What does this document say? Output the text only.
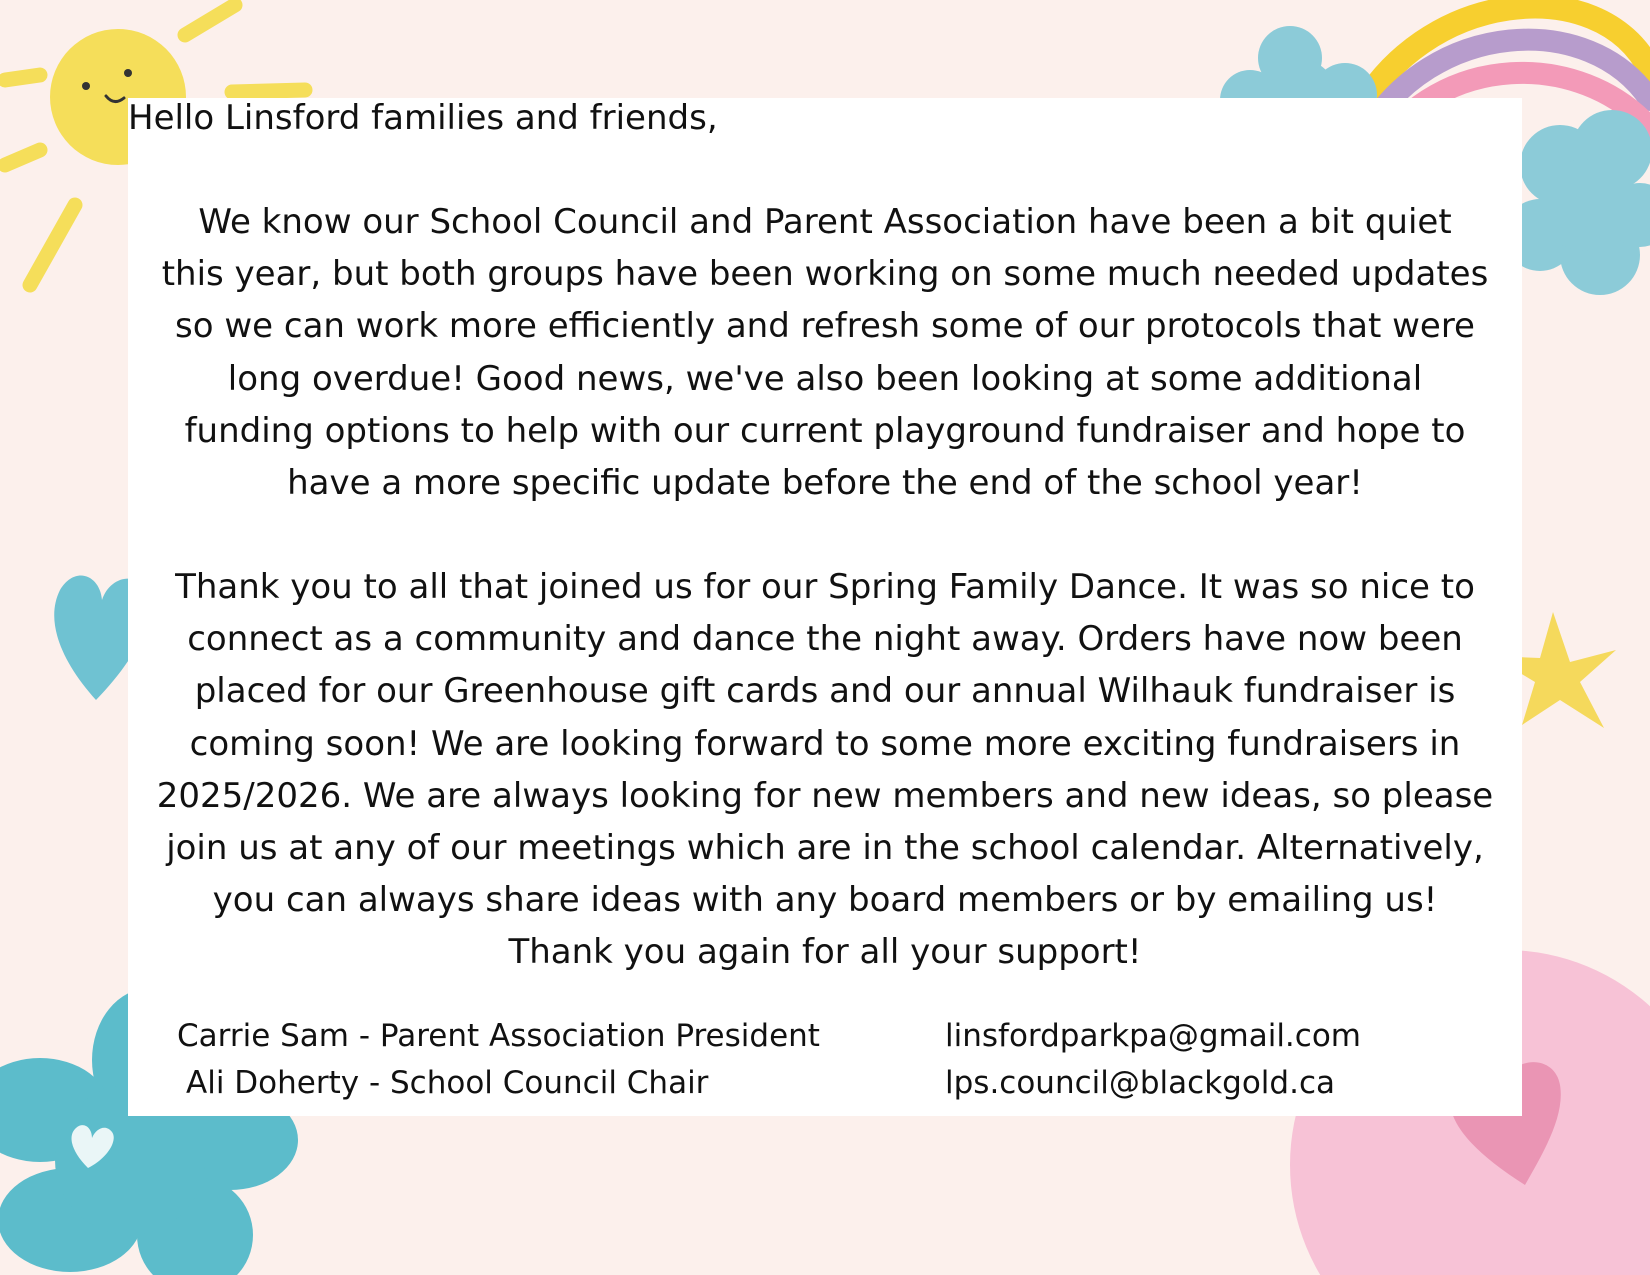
Hello Linsford families and friends,

We know our School Council and Parent Association have been a bit quiet
this year, but both groups have been working on some much needed updates
so we can work more efficiently and refresh some of our protocols that were
long overdue! Good news, we've also been looking at some additional
funding options to help with our current playground fundraiser and hope to
have a more specific update before the end of the school year!
Thank you to all that joined us for our Spring Family Dance. It was so nice to
connect as a community and dance the night away. Orders have now been
placed for our Greenhouse gift cards and our annual Wilhauk fundraiser is
coming soon! We are looking forward to some more exciting fundraisers in
2025/2026. We are always looking for new members and new ideas, so please
join us at any of our meetings which are in the school calendar. Alternatively,
you can always share ideas with any board members or by emailing us!
Thank you again for all your support!

Carrie Sam - Parent Association President	linsfordparkpa@gmail.com

Ali Doherty - School Council Chair	lps.council@blackgold.ca
